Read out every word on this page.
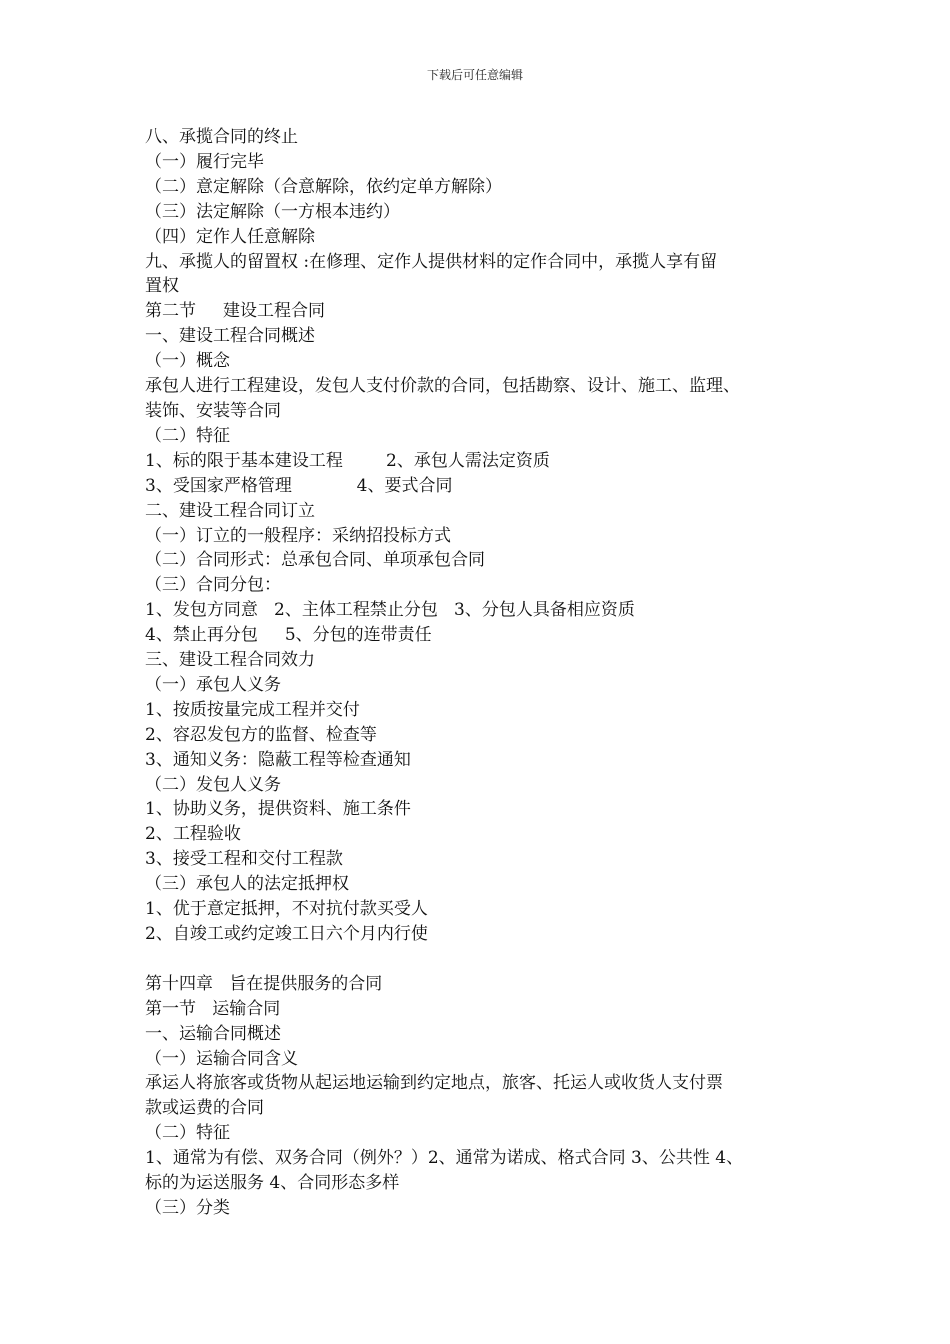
下载后可任意编辑
八、承揽合同的终止
（一）履行完毕
（二）意定解除（合意解除，依约定单方解除）
（三）法定解除（一方根本违约）
（四）定作人任意解除
九、承揽人的留置权 :在修理、定作人提供材料的定作合同中，承揽人享有留
置权
第二节     建设工程合同
一、建设工程合同概述
（一）概念
承包人进行工程建设，发包人支付价款的合同，包括勘察、设计、施工、监理、
装饰、安装等合同
（二）特征
1、标的限于基本建设工程        2、承包人需法定资质
3、受国家严格管理            4、要式合同
二、建设工程合同订立
（一）订立的一般程序：采纳招投标方式
（二）合同形式：总承包合同、单项承包合同
（三）合同分包：
1、发包方同意   2、主体工程禁止分包   3、分包人具备相应资质
4、禁止再分包     5、分包的连带责任
三、建设工程合同效力
（一）承包人义务
1、按质按量完成工程并交付
2、容忍发包方的监督、检查等
3、通知义务：隐蔽工程等检查通知
（二）发包人义务
1、协助义务，提供资料、施工条件
2、工程验收
3、接受工程和交付工程款
（三）承包人的法定抵押权
1、优于意定抵押，不对抗付款买受人
2、自竣工或约定竣工日六个月内行使
第十四章   旨在提供服务的合同
第一节   运输合同
一、运输合同概述
（一）运输合同含义
承运人将旅客或货物从起运地运输到约定地点，旅客、托运人或收货人支付票
款或运费的合同
（二）特征
1、通常为有偿、双务合同（例外？）2、通常为诺成、格式合同 3、公共性 4、
标的为运送服务 4、合同形态多样
（三）分类
